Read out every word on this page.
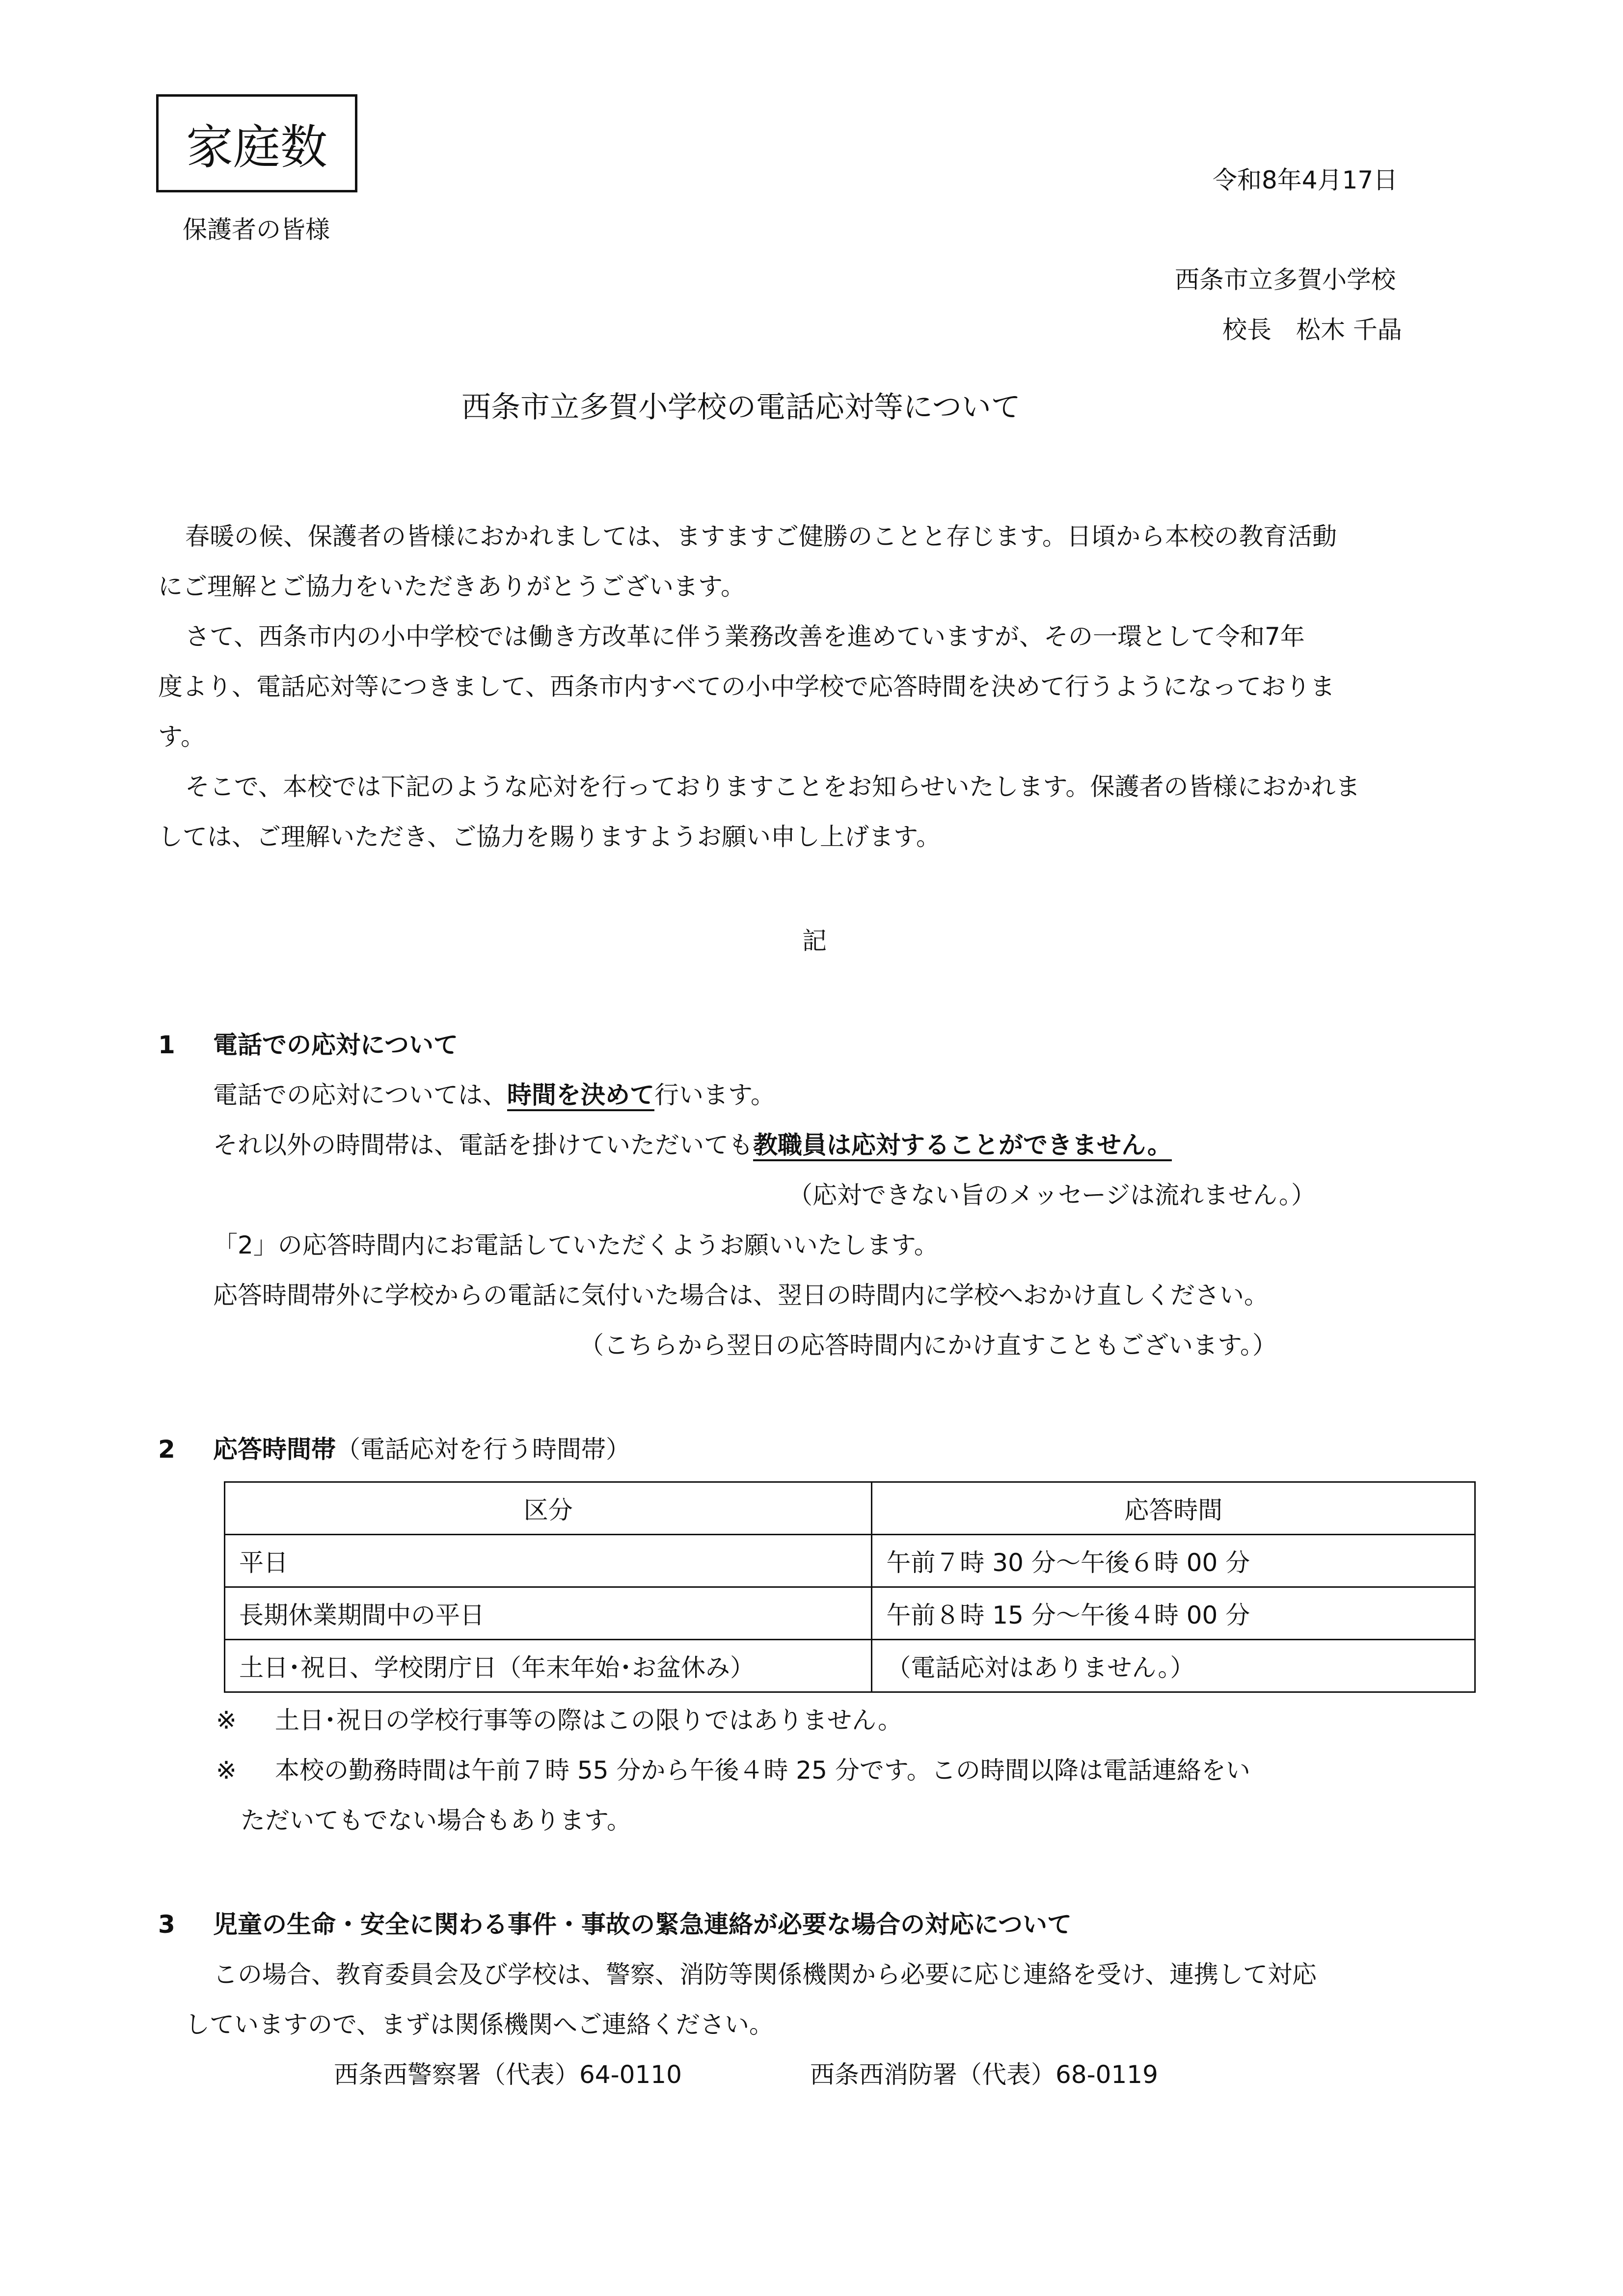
家庭数
令和8年4月17日
保護者の皆様
西条市立多賀小学校
校長　松木 千晶
西条市立多賀小学校の電話応対等について
春暖の候、保護者の皆様におかれましては、ますますご健勝のことと存じます。日頃から本校の教育活動
にご理解とご協力をいただきありがとうございます。
さて、西条市内の小中学校では働き方改革に伴う業務改善を進めていますが、その一環として令和7年
度より、電話応対等につきまして、西条市内すべての小中学校で応答時間を決めて行うようになっておりま
す。
そこで、本校では下記のような応対を行っておりますことをお知らせいたします。保護者の皆様におかれま
しては、ご理解いただき、ご協力を賜りますようお願い申し上げます。
記
1 電話での応対について
電話での応対については、時間を決めて行います。
それ以外の時間帯は、電話を掛けていただいても教職員は応対することができません。
（応対できない旨のメッセージは流れません。）
「2」の応答時間内にお電話していただくようお願いいたします。
応答時間帯外に学校からの電話に気付いた場合は、翌日の時間内に学校へおかけ直しください。
（こちらから翌日の応答時間内にかけ直すこともございます。）
2 応答時間帯（電話応対を行う時間帯）
区分	応答時間
平日	午前７時 30 分～午後６時 00 分
長期休業期間中の平日	午前８時 15 分～午後４時 00 分
土日･祝日、学校閉庁日（年末年始･お盆休み）	（電話応対はありません。）
※ 土日･祝日の学校行事等の際はこの限りではありません。
※ 本校の勤務時間は午前７時 55 分から午後４時 25 分です。この時間以降は電話連絡をい
ただいてもでない場合もあります。
3 児童の生命・安全に関わる事件・事故の緊急連絡が必要な場合の対応について
この場合、教育委員会及び学校は、警察、消防等関係機関から必要に応じ連絡を受け、連携して対応
していますので、まずは関係機関へご連絡ください。
西条西警察署（代表）64-0110	西条西消防署（代表）68-0119
